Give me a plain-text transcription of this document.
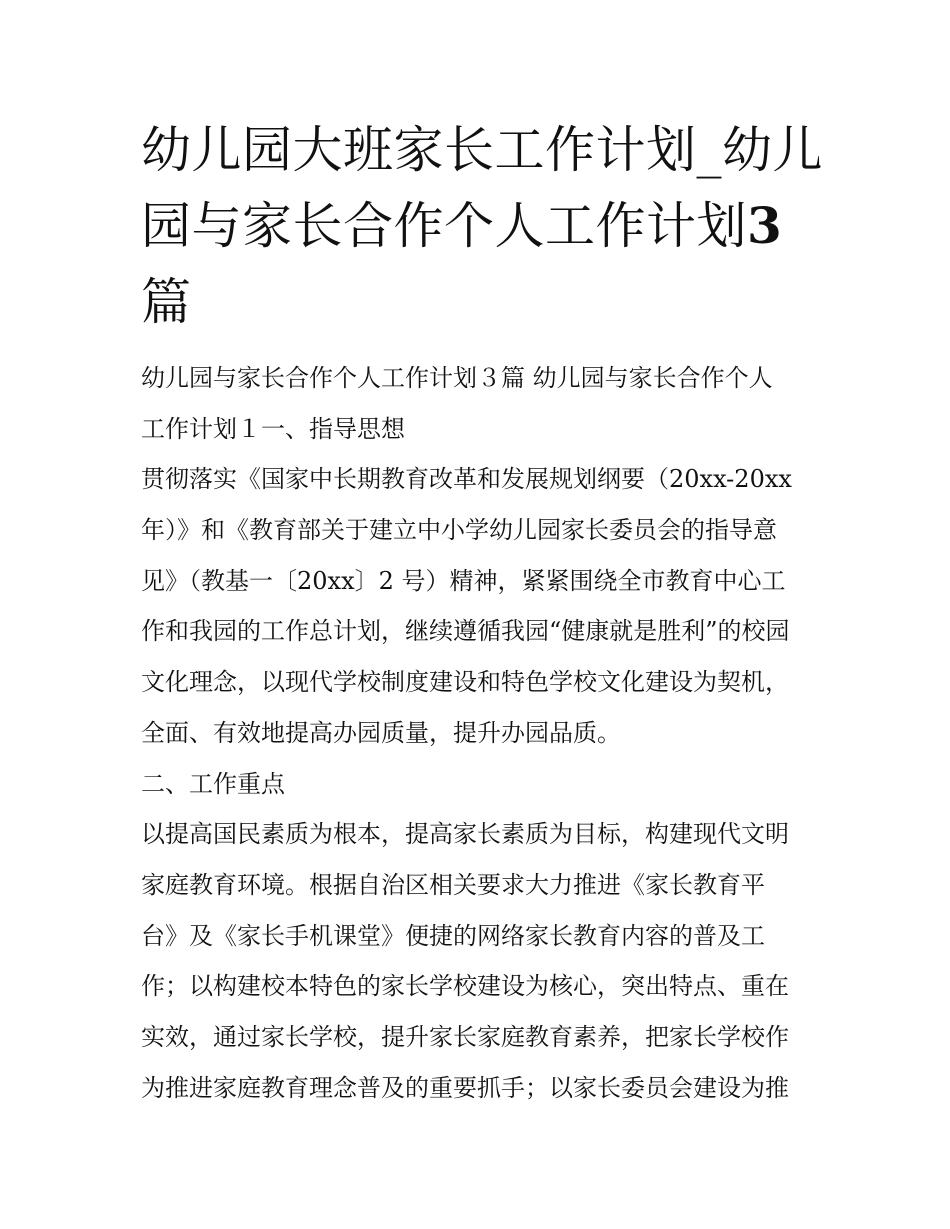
幼儿园大班家长工作计划_幼儿
园与家长合作个人工作计划3
篇
幼儿园与家长合作个人工作计划３篇 幼儿园与家长合作个人
工作计划１一、指导思想
贯彻落实《国家中长期教育改革和发展规划纲要（20xx-20xx
年）》和《教育部关于建立中小学幼儿园家长委员会的指导意
见》（教基一〔20xx〕2 号）精神，紧紧围绕全市教育中心工
作和我园的工作总计划，继续遵循我园“健康就是胜利”的校园
文化理念，以现代学校制度建设和特色学校文化建设为契机，
全面、有效地提高办园质量，提升办园品质。
二、工作重点
以提高国民素质为根本，提高家长素质为目标，构建现代文明
家庭教育环境。根据自治区相关要求大力推进《家长教育平
台》及《家长手机课堂》便捷的网络家长教育内容的普及工
作；以构建校本特色的家长学校建设为核心，突出特点、重在
实效，通过家长学校，提升家长家庭教育素养，把家长学校作
为推进家庭教育理念普及的重要抓手；以家长委员会建设为推
